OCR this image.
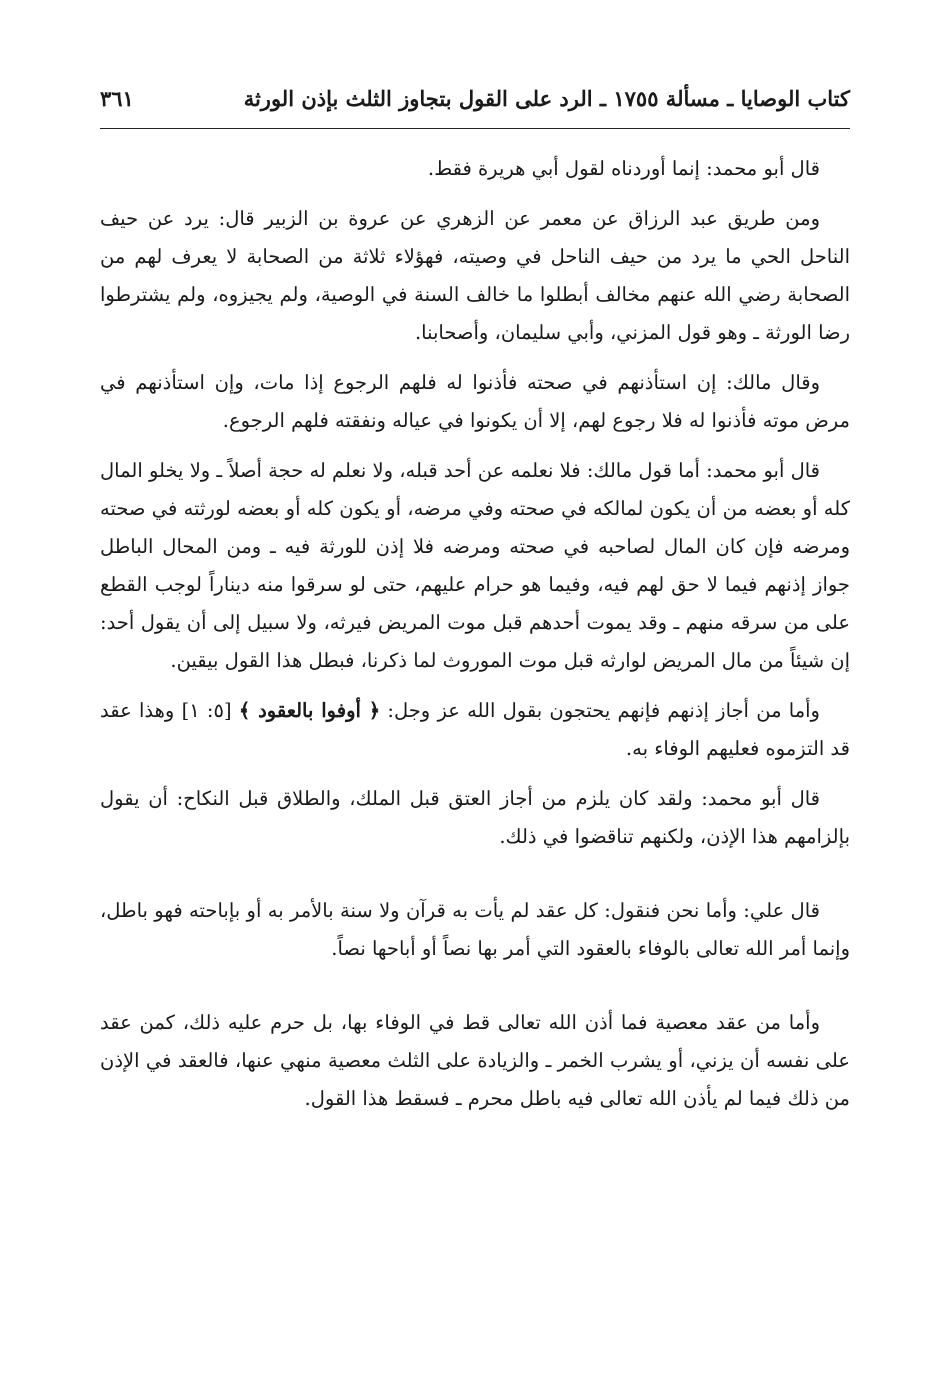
كتاب الوصايا ـ مسألة ١٧٥٥ ـ الرد على القول بتجاوز الثلث بإذن الورثة
٣٦١

قال أبو محمد: إنما أوردناه لقول أبي هريرة فقط.

ومن طريق عبد الرزاق عن معمر عن الزهري عن عروة بن الزبير قال: يرد عن حيف الناحل الحي ما يرد من حيف الناحل في وصيته، فهؤلاء ثلاثة من الصحابة لا يعرف لهم من الصحابة رضي الله عنهم مخالف أبطلوا ما خالف السنة في الوصية، ولم يجيزوه، ولم يشترطوا رضا الورثة ـ وهو قول المزني، وأبي سليمان، وأصحابنا.

وقال مالك: إن استأذنهم في صحته فأذنوا له فلهم الرجوع إذا مات، وإن استأذنهم في مرض موته فأذنوا له فلا رجوع لهم، إلا أن يكونوا في عياله ونفقته فلهم الرجوع.

قال أبو محمد: أما قول مالك: فلا نعلمه عن أحد قبله، ولا نعلم له حجة أصلاً ـ ولا يخلو المال كله أو بعضه من أن يكون لمالكه في صحته وفي مرضه، أو يكون كله أو بعضه لورثته في صحته ومرضه فإن كان المال لصاحبه في صحته ومرضه فلا إذن للورثة فيه ـ ومن المحال الباطل جواز إذنهم فيما لا حق لهم فيه، وفيما هو حرام عليهم، حتى لو سرقوا منه ديناراً لوجب القطع على من سرقه منهم ـ وقد يموت أحدهم قبل موت المريض فيرثه، ولا سبيل إلى أن يقول أحد: إن شيئاً من مال المريض لوارثه قبل موت الموروث لما ذكرنا، فبطل هذا القول بيقين.

وأما من أجاز إذنهم فإنهم يحتجون بقول الله عز وجل: ﴿ أوفوا بالعقود ﴾ [٥: ١] وهذا عقد قد التزموه فعليهم الوفاء به.

قال أبو محمد: ولقد كان يلزم من أجاز العتق قبل الملك، والطلاق قبل النكاح: أن يقول بإلزامهم هذا الإذن، ولكنهم تناقضوا في ذلك.

قال علي: وأما نحن فنقول: كل عقد لم يأت به قرآن ولا سنة بالأمر به أو بإباحته فهو باطل، وإنما أمر الله تعالى بالوفاء بالعقود التي أمر بها نصاً أو أباحها نصاً.

وأما من عقد معصية فما أذن الله تعالى قط في الوفاء بها، بل حرم عليه ذلك، كمن عقد على نفسه أن يزني، أو يشرب الخمر ـ والزيادة على الثلث معصية منهي عنها، فالعقد في الإذن من ذلك فيما لم يأذن الله تعالى فيه باطل محرم ـ فسقط هذا القول.
